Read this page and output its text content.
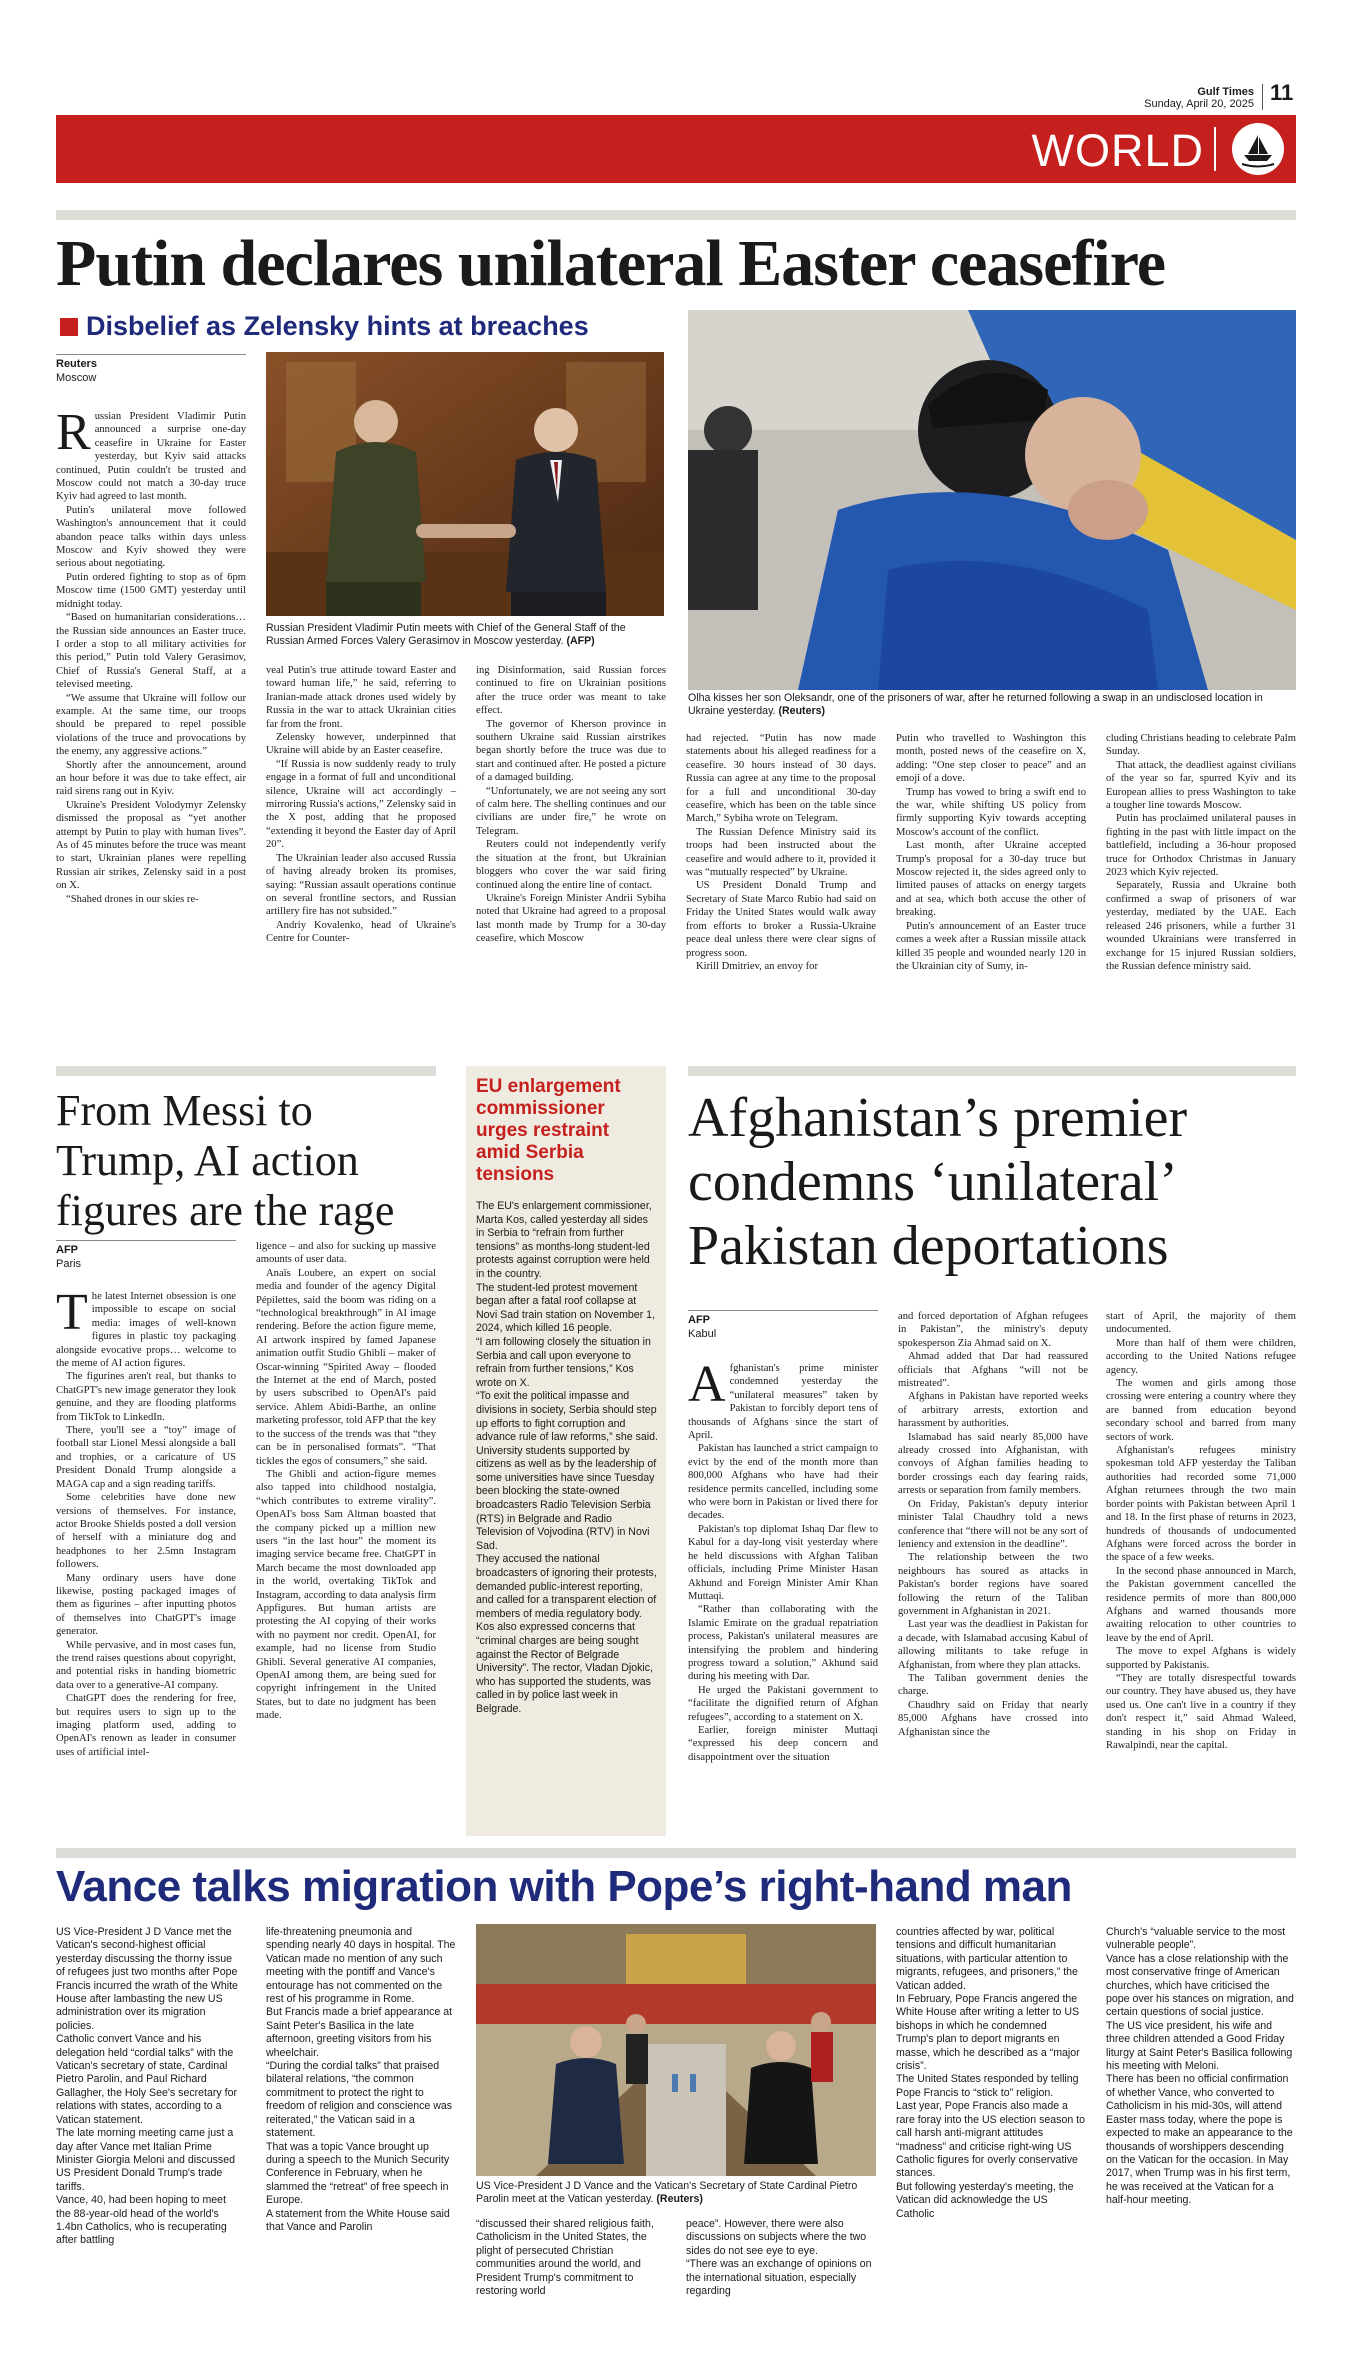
Gulf Times
Sunday, April 20, 2025 11
WORLD
Putin declares unilateral Easter ceasefire
Disbelief as Zelensky hints at breaches
Reuters
Moscow
Russian President Vladimir Putin meets with Chief of the General Staff of the Russian Armed Forces Valery Gerasimov in Moscow yesterday. (AFP)
Olha kisses her son Oleksandr, one of the prisoners of war, after he returned following a swap in an undisclosed location in Ukraine yesterday. (Reuters)

Russian President Vladimir Putin announced a surprise one-day ceasefire in Ukraine for Easter yesterday, but Kyiv said attacks continued, Putin couldn't be trusted and Moscow could not match a 30-day truce Kyiv had agreed to last month.

Putin's unilateral move followed Washington's announcement that it could abandon peace talks within days unless Moscow and Kyiv showed they were serious about negotiating.

Putin ordered fighting to stop as of 6pm Moscow time (1500 GMT) yesterday until midnight today.

“Based on humanitarian considerations… the Russian side announces an Easter truce. I order a stop to all military activities for this period,” Putin told Valery Gerasimov, Chief of Russia's General Staff, at a televised meeting.

“We assume that Ukraine will follow our example. At the same time, our troops should be prepared to repel possible violations of the truce and provocations by the enemy, any aggressive actions.”

Shortly after the announcement, around an hour before it was due to take effect, air raid sirens rang out in Kyiv.

Ukraine's President Volodymyr Zelensky dismissed the proposal as “yet another attempt by Putin to play with human lives”. As of 45 minutes before the truce was meant to start, Ukrainian planes were repelling Russian air strikes, Zelensky said in a post on X.

“Shahed drones in our skies re-

veal Putin's true attitude toward Easter and toward human life,” he said, referring to Iranian-made attack drones used widely by Russia in the war to attack Ukrainian cities far from the front.

Zelensky however, underpinned that Ukraine will abide by an Easter ceasefire.

“If Russia is now suddenly ready to truly engage in a format of full and unconditional silence, Ukraine will act accordingly – mirroring Russia's actions,” Zelensky said in the X post, adding that he proposed “extending it beyond the Easter day of April 20”.

The Ukrainian leader also accused Russia of having already broken its promises, saying: “Russian assault operations continue on several frontline sectors, and Russian artillery fire has not subsided.”

Andriy Kovalenko, head of Ukraine's Centre for Counter-

ing Disinformation, said Russian forces continued to fire on Ukrainian positions after the truce order was meant to take effect.

The governor of Kherson province in southern Ukraine said Russian airstrikes began shortly before the truce was due to start and continued after. He posted a picture of a damaged building.

“Unfortunately, we are not seeing any sort of calm here. The shelling continues and our civilians are under fire,” he wrote on Telegram.

Reuters could not independently verify the situation at the front, but Ukrainian bloggers who cover the war said firing continued along the entire line of contact.

Ukraine's Foreign Minister Andrii Sybiha noted that Ukraine had agreed to a proposal last month made by Trump for a 30-day ceasefire, which Moscow

had rejected. “Putin has now made statements about his alleged readiness for a ceasefire. 30 hours instead of 30 days. Russia can agree at any time to the proposal for a full and unconditional 30-day ceasefire, which has been on the table since March,” Sybiha wrote on Telegram.

The Russian Defence Ministry said its troops had been instructed about the ceasefire and would adhere to it, provided it was “mutually respected” by Ukraine.

US President Donald Trump and Secretary of State Marco Rubio had said on Friday the United States would walk away from efforts to broker a Russia-Ukraine peace deal unless there were clear signs of progress soon.

Kirill Dmitriev, an envoy for

Putin who travelled to Washington this month, posted news of the ceasefire on X, adding: “One step closer to peace” and an emoji of a dove.

Trump has vowed to bring a swift end to the war, while shifting US policy from firmly supporting Kyiv towards accepting Moscow's account of the conflict.

Last month, after Ukraine accepted Trump's proposal for a 30-day truce but Moscow rejected it, the sides agreed only to limited pauses of attacks on energy targets and at sea, which both accuse the other of breaking.

Putin's announcement of an Easter truce comes a week after a Russian missile attack killed 35 people and wounded nearly 120 in the Ukrainian city of Sumy, in-

cluding Christians heading to celebrate Palm Sunday.

That attack, the deadliest against civilians of the year so far, spurred Kyiv and its European allies to press Washington to take a tougher line towards Moscow.

Putin has proclaimed unilateral pauses in fighting in the past with little impact on the battlefield, including a 36-hour proposed truce for Orthodox Christmas in January 2023 which Kyiv rejected.

Separately, Russia and Ukraine both confirmed a swap of prisoners of war yesterday, mediated by the UAE. Each released 246 prisoners, while a further 31 wounded Ukrainians were transferred in exchange for 15 injured Russian soldiers, the Russian defence ministry said.

From Messi to Trump, AI action figures are the rage
AFP
Paris

The latest Internet obsession is one impossible to escape on social media: images of well-known figures in plastic toy packaging alongside evocative props… welcome to the meme of AI action figures.

The figurines aren't real, but thanks to ChatGPT's new image generator they look genuine, and they are flooding platforms from TikTok to LinkedIn.

There, you'll see a “toy” image of football star Lionel Messi alongside a ball and trophies, or a caricature of US President Donald Trump alongside a MAGA cap and a sign reading tariffs.

Some celebrities have done new versions of themselves. For instance, actor Brooke Shields posted a doll version of herself with a miniature dog and headphones to her 2.5mn Instagram followers.

Many ordinary users have done likewise, posting packaged images of them as figurines – after inputting photos of themselves into ChatGPT's image generator.

While pervasive, and in most cases fun, the trend raises questions about copyright, and potential risks in handing biometric data over to a generative-AI company.

ChatGPT does the rendering for free, but requires users to sign up to the imaging platform used, adding to OpenAI's renown as leader in consumer uses of artificial intel-

ligence – and also for sucking up massive amounts of user data.

Anaïs Loubere, an expert on social media and founder of the agency Digital Pépilettes, said the boom was riding on a “technological breakthrough” in AI image rendering. Before the action figure meme, AI artwork inspired by famed Japanese animation outfit Studio Ghibli – maker of Oscar-winning “Spirited Away – flooded the Internet at the end of March, posted by users subscribed to OpenAI's paid service. Ahlem Abidi-Barthe, an online marketing professor, told AFP that the key to the success of the trends was that “they can be in personalised formats”. “That tickles the egos of consumers,” she said.

The Ghibli and action-figure memes also tapped into childhood nostalgia, “which contributes to extreme virality”. OpenAI's boss Sam Altman boasted that the company picked up a million new users “in the last hour” the moment its imaging service became free. ChatGPT in March became the most downloaded app in the world, overtaking TikTok and Instagram, according to data analysis firm Appfigures. But human artists are protesting the AI copying of their works with no payment nor credit. OpenAI, for example, had no license from Studio Ghibli. Several generative AI companies, OpenAI among them, are being sued for copyright infringement in the United States, but to date no judgment has been made.

EU enlargement commissioner urges restraint amid Serbia tensions

The EU's enlargement commissioner, Marta Kos, called yesterday all sides in Serbia to “refrain from further tensions” as months-long student-led protests against corruption were held in the country.

The student-led protest movement began after a fatal roof collapse at Novi Sad train station on November 1, 2024, which killed 16 people.

“I am following closely the situation in Serbia and call upon everyone to refrain from further tensions,” Kos wrote on X.

“To exit the political impasse and divisions in society, Serbia should step up efforts to fight corruption and advance rule of law reforms,” she said.

University students supported by citizens as well as by the leadership of some universities have since Tuesday been blocking the state-owned broadcasters Radio Television Serbia (RTS) in Belgrade and Radio Television of Vojvodina (RTV) in Novi Sad.

They accused the national broadcasters of ignoring their protests, demanded public-interest reporting, and called for a transparent election of members of media regulatory body. Kos also expressed concerns that “criminal charges are being sought against the Rector of Belgrade University”. The rector, Vladan Djokic, who has supported the students, was called in by police last week in Belgrade.

Afghanistan’s premier condemns ‘unilateral’ Pakistan deportations
AFP
Kabul

Afghanistan's prime minister condemned yesterday the “unilateral measures” taken by Pakistan to forcibly deport tens of thousands of Afghans since the start of April.

Pakistan has launched a strict campaign to evict by the end of the month more than 800,000 Afghans who have had their residence permits cancelled, including some who were born in Pakistan or lived there for decades.

Pakistan's top diplomat Ishaq Dar flew to Kabul for a day-long visit yesterday where he held discussions with Afghan Taliban officials, including Prime Minister Hasan Akhund and Foreign Minister Amir Khan Muttaqi.

“Rather than collaborating with the Islamic Emirate on the gradual repatriation process, Pakistan's unilateral measures are intensifying the problem and hindering progress toward a solution,” Akhund said during his meeting with Dar.

He urged the Pakistani government to “facilitate the dignified return of Afghan refugees”, according to a statement on X.

Earlier, foreign minister Muttaqi “expressed his deep concern and disappointment over the situation

and forced deportation of Afghan refugees in Pakistan”, the ministry's deputy spokesperson Zia Ahmad said on X.

Ahmad added that Dar had reassured officials that Afghans “will not be mistreated”.

Afghans in Pakistan have reported weeks of arbitrary arrests, extortion and harassment by authorities.

Islamabad has said nearly 85,000 have already crossed into Afghanistan, with convoys of Afghan families heading to border crossings each day fearing raids, arrests or separation from family members.

On Friday, Pakistan's deputy interior minister Talal Chaudhry told a news conference that “there will not be any sort of leniency and extension in the deadline”.

The relationship between the two neighbours has soured as attacks in Pakistan's border regions have soared following the return of the Taliban government in Afghanistan in 2021.

Last year was the deadliest in Pakistan for a decade, with Islamabad accusing Kabul of allowing militants to take refuge in Afghanistan, from where they plan attacks.

The Taliban government denies the charge.

Chaudhry said on Friday that nearly 85,000 Afghans have crossed into Afghanistan since the

start of April, the majority of them undocumented.

More than half of them were children, according to the United Nations refugee agency.

The women and girls among those crossing were entering a country where they are banned from education beyond secondary school and barred from many sectors of work.

Afghanistan's refugees ministry spokesman told AFP yesterday the Taliban authorities had recorded some 71,000 Afghan returnees through the two main border points with Pakistan between April 1 and 18. In the first phase of returns in 2023, hundreds of thousands of undocumented Afghans were forced across the border in the space of a few weeks.

In the second phase announced in March, the Pakistan government cancelled the residence permits of more than 800,000 Afghans and warned thousands more awaiting relocation to other countries to leave by the end of April.

The move to expel Afghans is widely supported by Pakistanis.

“They are totally disrespectful towards our country. They have abused us, they have used us. One can't live in a country if they don't respect it,” said Ahmad Waleed, standing in his shop on Friday in Rawalpindi, near the capital.

Vance talks migration with Pope’s right-hand man

US Vice-President J D Vance met the Vatican's second-highest official yesterday discussing the thorny issue of refugees just two months after Pope Francis incurred the wrath of the White House after lambasting the new US administration over its migration policies.

Catholic convert Vance and his delegation held “cordial talks” with the Vatican's secretary of state, Cardinal Pietro Parolin, and Paul Richard Gallagher, the Holy See's secretary for relations with states, according to a Vatican statement.

The late morning meeting came just a day after Vance met Italian Prime Minister Giorgia Meloni and discussed US President Donald Trump's trade tariffs.

Vance, 40, had been hoping to meet the 88-year-old head of the world's 1.4bn Catholics, who is recuperating after battling

life-threatening pneumonia and spending nearly 40 days in hospital. The Vatican made no mention of any such meeting with the pontiff and Vance's entourage has not commented on the rest of his programme in Rome.

But Francis made a brief appearance at Saint Peter's Basilica in the late afternoon, greeting visitors from his wheelchair.

“During the cordial talks” that praised bilateral relations, “the common commitment to protect the right to freedom of religion and conscience was reiterated,” the Vatican said in a statement.

That was a topic Vance brought up during a speech to the Munich Security Conference in February, when he slammed the “retreat” of free speech in Europe.

A statement from the White House said that Vance and Parolin

US Vice-President J D Vance and the Vatican's Secretary of State Cardinal Pietro Parolin meet at the Vatican yesterday. (Reuters)

“discussed their shared religious faith, Catholicism in the United States, the plight of persecuted Christian communities around the world, and President Trump's commitment to restoring world

peace”. However, there were also discussions on subjects where the two sides do not see eye to eye.

“There was an exchange of opinions on the international situation, especially regarding

countries affected by war, political tensions and difficult humanitarian situations, with particular attention to migrants, refugees, and prisoners,” the Vatican added.

In February, Pope Francis angered the White House after writing a letter to US bishops in which he condemned Trump's plan to deport migrants en masse, which he described as a “major crisis”.

The United States responded by telling Pope Francis to “stick to” religion.

Last year, Pope Francis also made a rare foray into the US election season to call harsh anti-migrant attitudes “madness” and criticise right-wing US Catholic figures for overly conservative stances.

But following yesterday's meeting, the Vatican did acknowledge the US Catholic

Church's “valuable service to the most vulnerable people”.

Vance has a close relationship with the most conservative fringe of American churches, which have criticised the pope over his stances on migration, and certain questions of social justice.

The US vice president, his wife and three children attended a Good Friday liturgy at Saint Peter's Basilica following his meeting with Meloni.

There has been no official confirmation of whether Vance, who converted to Catholicism in his mid-30s, will attend Easter mass today, where the pope is expected to make an appearance to the thousands of worshippers descending on the Vatican for the occasion. In May 2017, when Trump was in his first term, he was received at the Vatican for a half-hour meeting.
